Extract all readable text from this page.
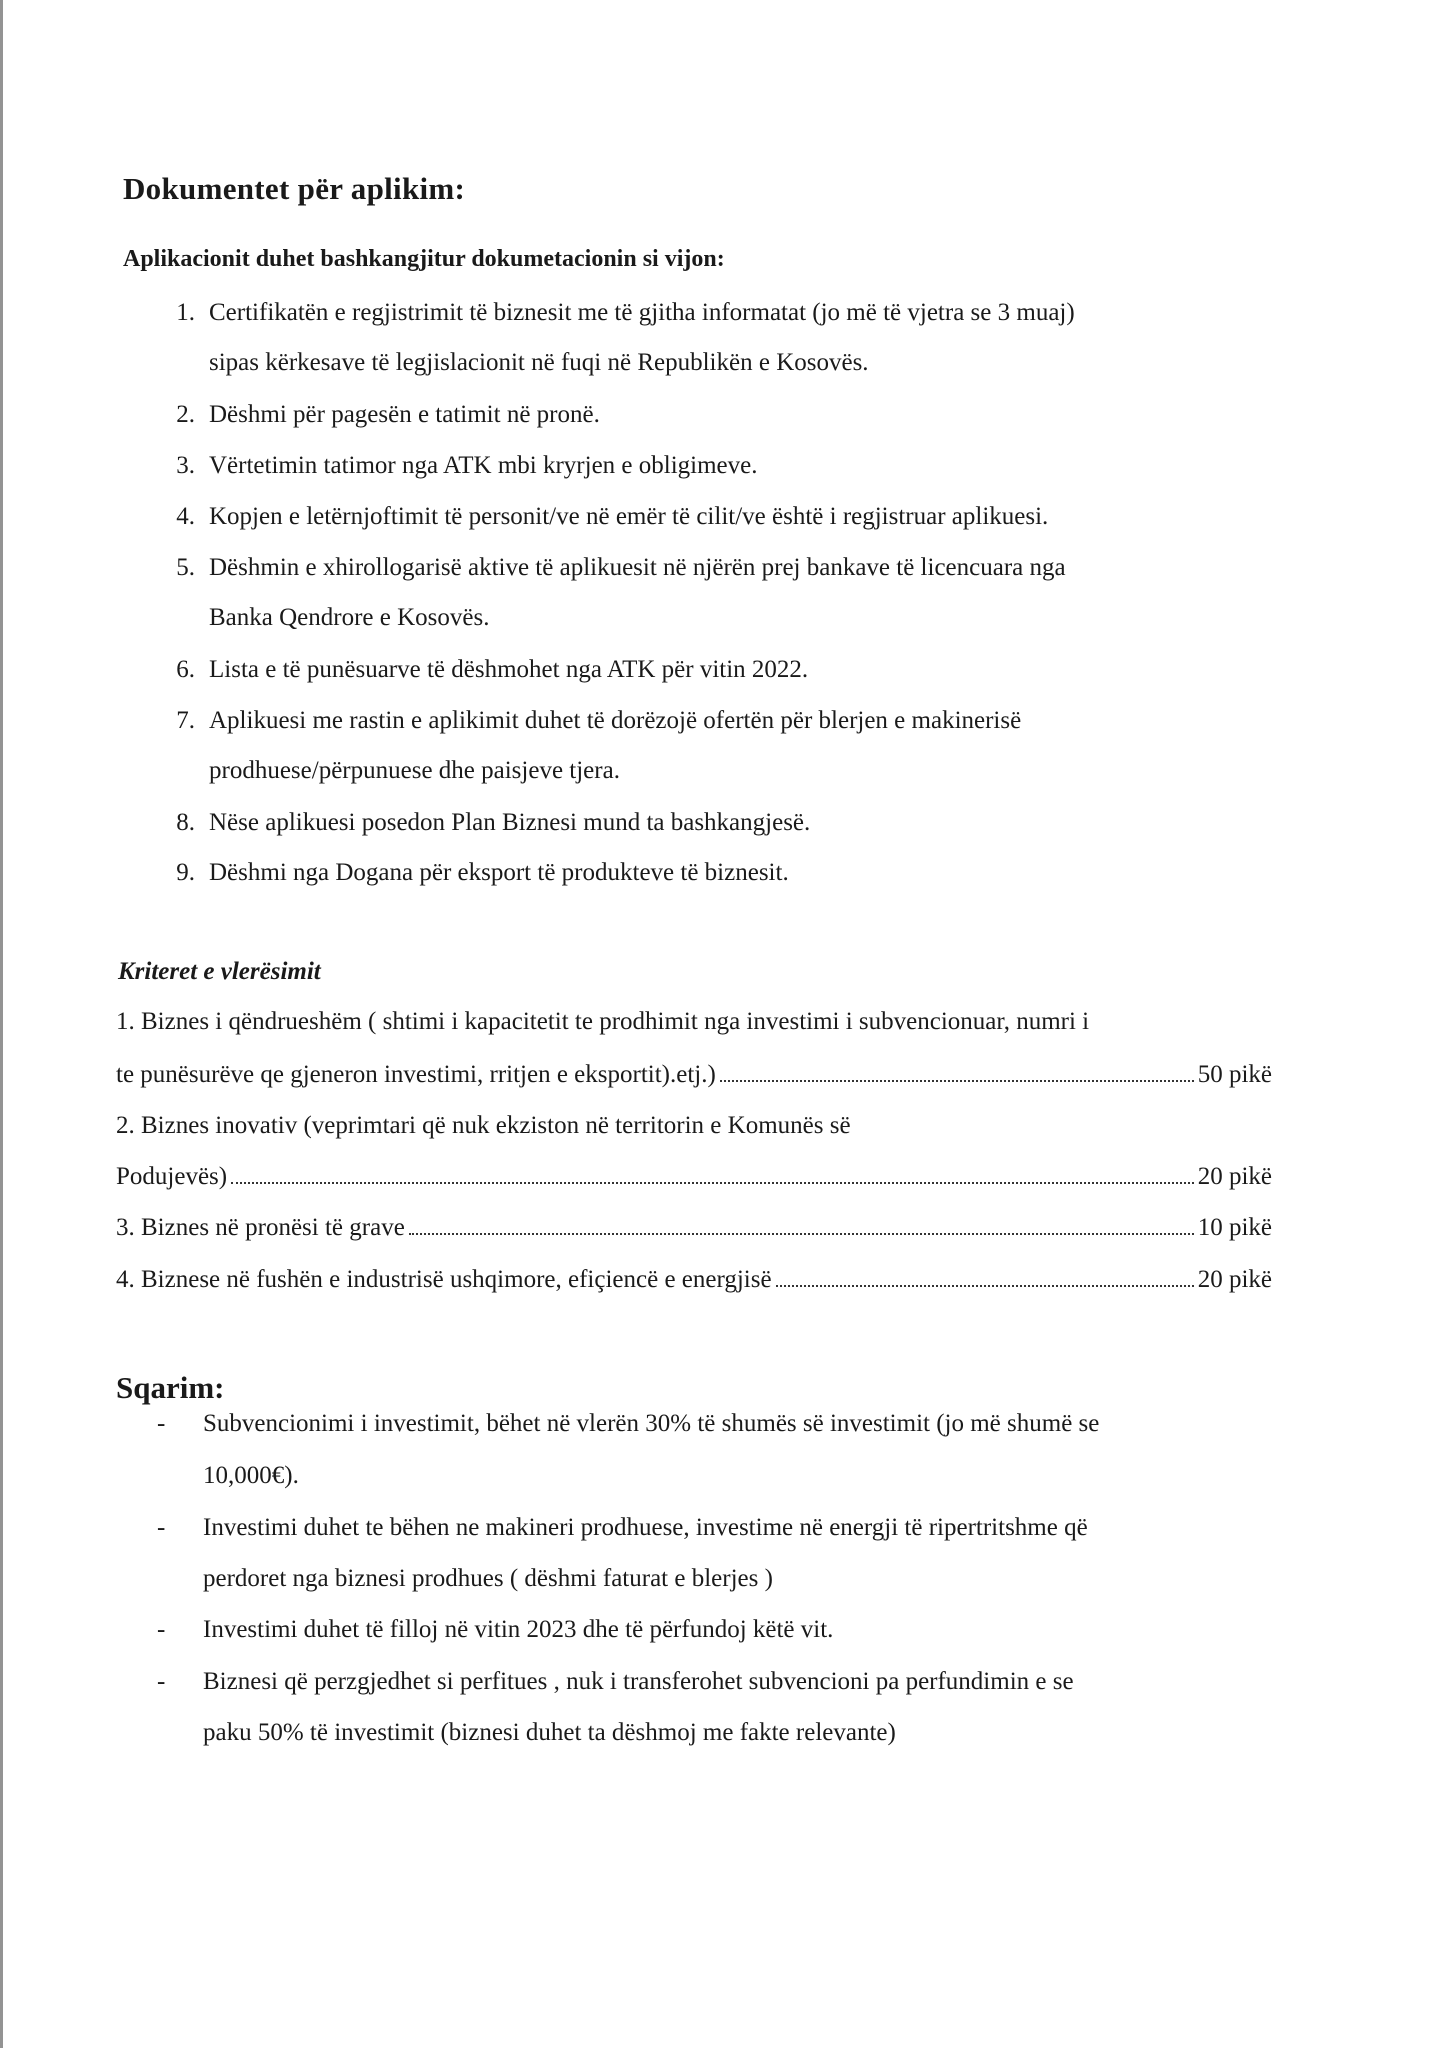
Dokumentet për aplikim:
Aplikacionit duhet bashkangjitur dokumetacionin si vijon:
1. Certifikatën e regjistrimit të biznesit me të gjitha informatat (jo më të vjetra se 3 muaj)
sipas kërkesave të legjislacionit në fuqi në Republikën e Kosovës.
2. Dëshmi për pagesën e tatimit në pronë.
3. Vërtetimin tatimor nga ATK mbi kryrjen e obligimeve.
4. Kopjen e letërnjoftimit të personit/ve në emër të cilit/ve është i regjistruar aplikuesi.
5. Dëshmin e xhirollogarisë aktive të aplikuesit në njërën prej bankave të licencuara nga
Banka Qendrore e Kosovës.
6. Lista e të punësuarve të dëshmohet nga ATK për vitin 2022.
7. Aplikuesi me rastin e aplikimit duhet të dorëzojë ofertën për blerjen e makinerisë
prodhuese/përpunuese dhe paisjeve tjera.
8. Nëse aplikuesi posedon Plan Biznesi mund ta bashkangjesë.
9. Dëshmi nga Dogana për eksport të produkteve të biznesit.
Kriteret e vlerësimit
1. Biznes i qëndrueshëm ( shtimi i kapacitetit te prodhimit nga investimi i subvencionuar, numri i
te punësurëve qe gjeneron investimi, rritjen e eksportit).etj.)	50 pikë
2. Biznes inovativ (veprimtari që nuk ekziston në territorin e Komunës së
Podujevës)	20 pikë
3. Biznes në pronësi të grave	10 pikë
4. Biznese në fushën e industrisë ushqimore, efiçiencë e energjisë	20 pikë
Sqarim:
- Subvencionimi i investimit, bëhet në vlerën 30% të shumës së investimit (jo më shumë se
10,000€).
- Investimi duhet te bëhen ne makineri prodhuese, investime në energji të ripertritshme që
perdoret nga biznesi prodhues ( dëshmi faturat e blerjes )
- Investimi duhet të filloj në vitin 2023 dhe të përfundoj këtë vit.
- Biznesi që perzgjedhet si perfitues , nuk i transferohet subvencioni pa perfundimin e se
paku 50% të investimit (biznesi duhet ta dëshmoj me fakte relevante)
